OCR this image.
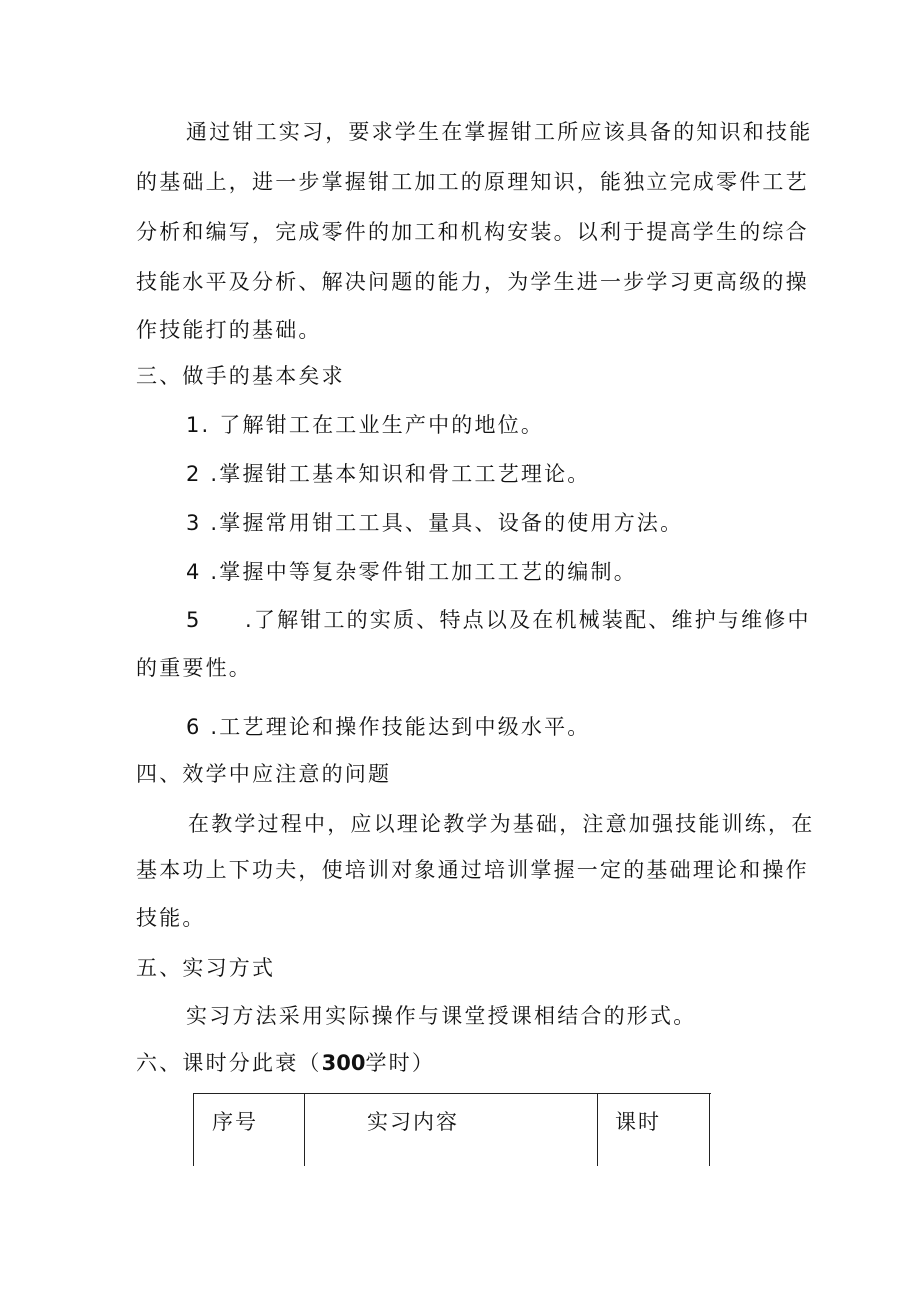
通过钳工实习，要求学生在掌握钳工所应该具备的知识和技能
的基础上，进一步掌握钳工加工的原理知识，能独立完成零件工艺
分析和编写，完成零件的加工和机构安装。以利于提高学生的综合
技能水平及分析、解决问题的能力，为学生进一步学习更高级的操
作技能打的基础。
三、做手的基本矣求
1. 了解钳工在工业生产中的地位。
2 .掌握钳工基本知识和骨工工艺理论。
3 .掌握常用钳工工具、量具、设备的使用方法。
4 .掌握中等复杂零件钳工加工工艺的编制。
5 .了解钳工的实质、特点以及在机械装配、维护与维修中
的重要性。
6 .工艺理论和操作技能达到中级水平。
四、效学中应注意的问题
在教学过程中，应以理论教学为基础，注意加强技能训练，在
基本功上下功夫，使培训对象通过培训掌握一定的基础理论和操作
技能。
五、实习方式
实习方法采用实际操作与课堂授课相结合的形式。
六、课时分此衰（300学时）
序号	实习内容	课时
